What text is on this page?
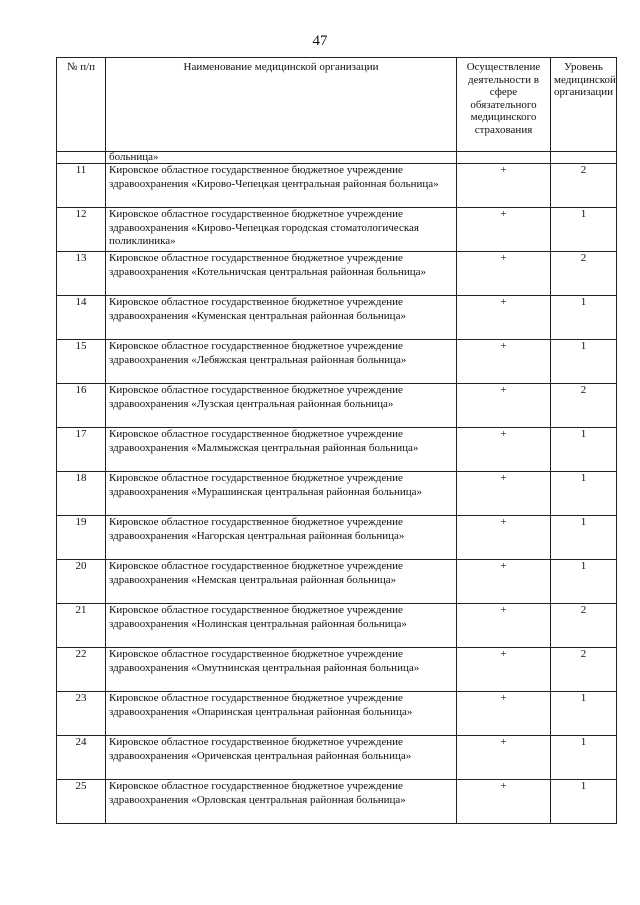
47
№ п/п	Наименование медицинской организации	Осуществление деятельности в сфере обязательного медицинского страхования	Уровень медицинской организации
	больница»		
11	Кировское областное государственное бюджетное учреждение здравоохранения «Кирово-Чепецкая центральная районная больница»	+	2
12	Кировское областное государственное бюджетное учреждение здравоохранения «Кирово-Чепецкая городская стоматологическая поликлиника»	+	1
13	Кировское областное государственное бюджетное учреждение здравоохранения «Котельничская центральная районная больница»	+	2
14	Кировское областное государственное бюджетное учреждение здравоохранения «Куменская центральная районная больница»	+	1
15	Кировское областное государственное бюджетное учреждение здравоохранения «Лебяжская центральная районная больница»	+	1
16	Кировское областное государственное бюджетное учреждение здравоохранения «Лузская центральная районная больница»	+	2
17	Кировское областное государственное бюджетное учреждение здравоохранения «Малмыжская центральная районная больница»	+	1
18	Кировское областное государственное бюджетное учреждение здравоохранения «Мурашинская центральная районная больница»	+	1
19	Кировское областное государственное бюджетное учреждение здравоохранения «Нагорская центральная районная больница»	+	1
20	Кировское областное государственное бюджетное учреждение здравоохранения «Немская центральная районная больница»	+	1
21	Кировское областное государственное бюджетное учреждение здравоохранения «Нолинская центральная районная больница»	+	2
22	Кировское областное государственное бюджетное учреждение здравоохранения «Омутнинская центральная районная больница»	+	2
23	Кировское областное государственное бюджетное учреждение здравоохранения «Опаринская центральная районная больница»	+	1
24	Кировское областное государственное бюджетное учреждение здравоохранения «Оричевская центральная районная больница»	+	1
25	Кировское областное государственное бюджетное учреждение здравоохранения «Орловская центральная районная больница»	+	1
